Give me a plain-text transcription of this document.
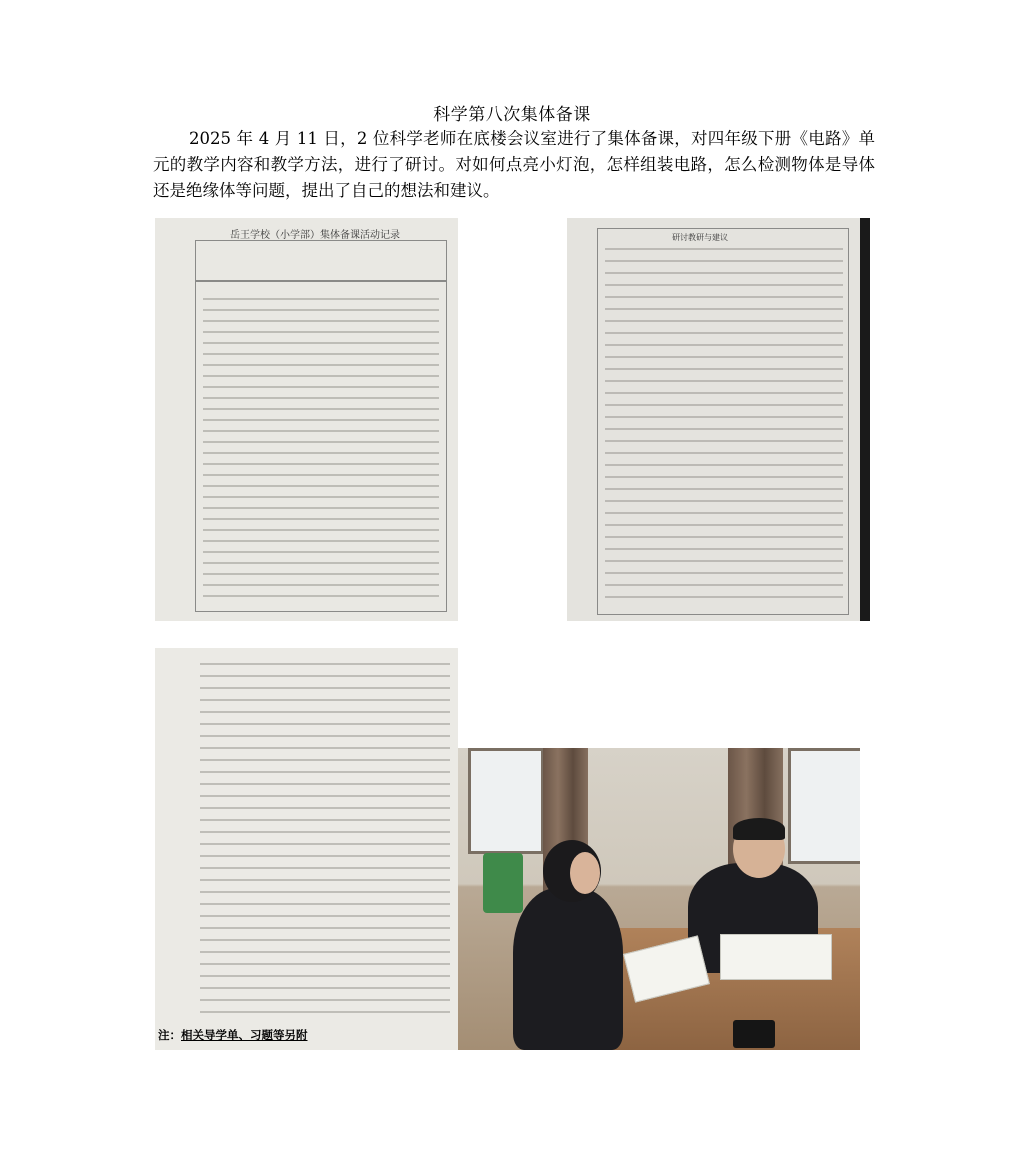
科学第八次集体备课
2025 年 4 月 11 日，2 位科学老师在底楼会议室进行了集体备课，对四年级下册《电路》单元的教学内容和教学方法，进行了研讨。对如何点亮小灯泡，怎样组装电路，怎么检测物体是导体还是绝缘体等问题，提出了自己的想法和建议。
岳王学校（小学部）集体备课活动记录	研讨教研与建议
注：相关导学单、习题等另附
